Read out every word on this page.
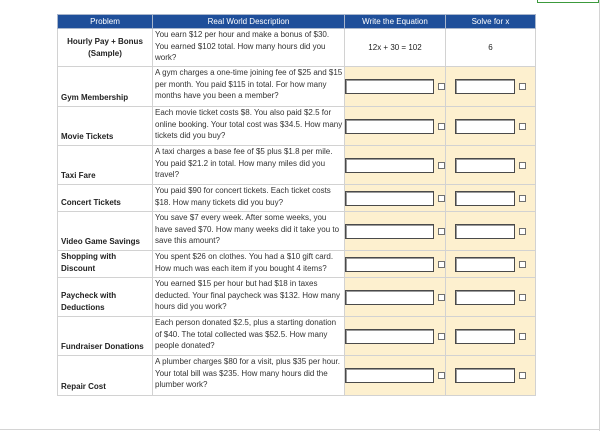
Problem	Real World Description	Write the Equation	Solve for x
Hourly Pay + Bonus (Sample)	You earn $12 per hour and make a bonus of $30. You earned $102 total. How many hours did you work?	12x + 30 = 102	6
Gym Membership	A gym charges a one-time joining fee of $25 and $15 per month. You paid $115 in total. For how many months have you been a member?	

Movie Tickets	Each movie ticket costs $8. You also paid $2.5 for online booking. Your total cost was $34.5. How many tickets did you buy?	

Taxi Fare	A taxi charges a base fee of $5 plus $1.8 per mile. You paid $21.2 in total. How many miles did you travel?	

Concert Tickets	You paid $90 for concert tickets. Each ticket costs $18. How many tickets did you buy?	

Video Game Savings	You save $7 every week. After some weeks, you have saved $70. How many weeks did it take you to save this amount?	

Shopping with Discount	You spent $26 on clothes. You had a $10 gift card. How much was each item if you bought 4 items?	

Paycheck with Deductions	You earned $15 per hour but had $18 in taxes deducted. Your final paycheck was $132. How many hours did you work?	

Fundraiser Donations	Each person donated $2.5, plus a starting donation of $40. The total collected was $52.5. How many people donated?	

Repair Cost	A plumber charges $80 for a visit, plus $35 per hour. Your total bill was $235. How many hours did the plumber work?	
